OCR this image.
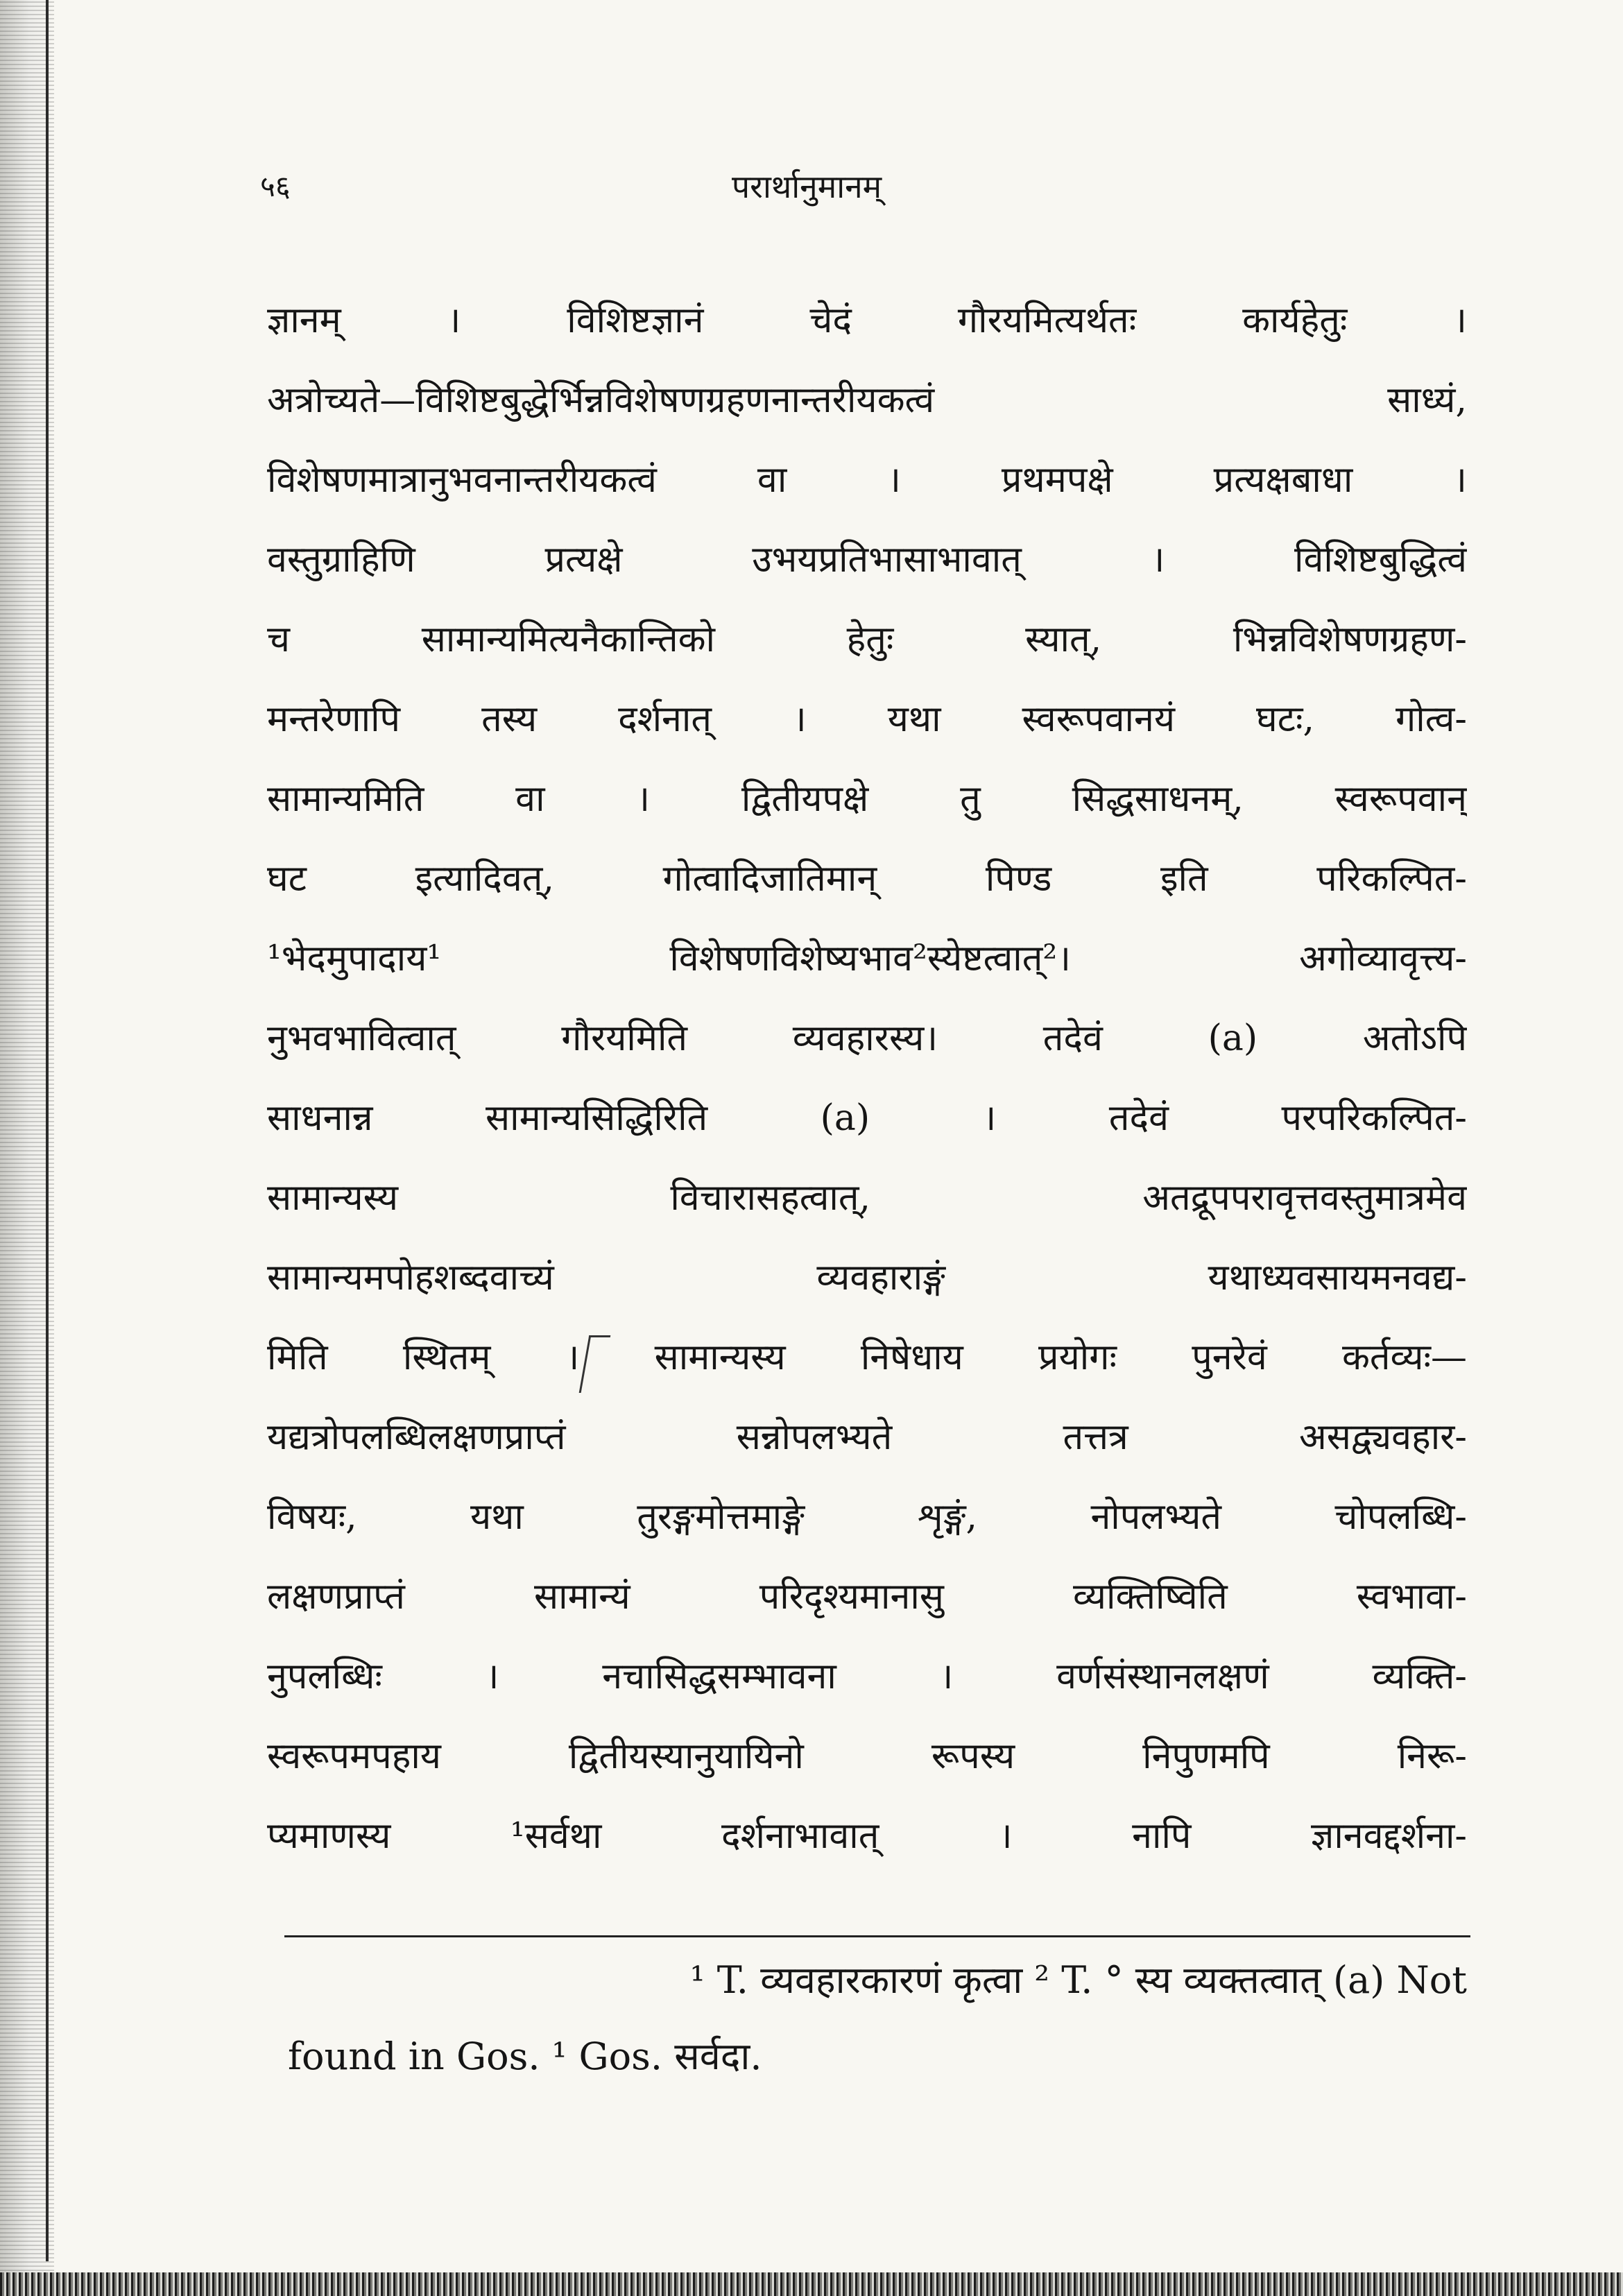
५६	परार्थानुमानम्
ज्ञानम् । विशिष्टज्ञानं चेदं गौरयमित्यर्थतः कार्यहेतुः ।
अत्रोच्यते—विशिष्टबुद्धेर्भिन्नविशेषणग्रहणनान्तरीयकत्वं साध्यं,
विशेषणमात्रानुभवनान्तरीयकत्वं वा । प्रथमपक्षे प्रत्यक्षबाधा ।
वस्तुग्राहिणि प्रत्यक्षे उभयप्रतिभासाभावात् । विशिष्टबुद्धित्वं
च सामान्यमित्यनैकान्तिको हेतुः स्यात्, भिन्नविशेषणग्रहण-
मन्तरेणापि तस्य दर्शनात् । यथा स्वरूपवानयं घटः, गोत्व-
सामान्यमिति वा । द्वितीयपक्षे तु सिद्धसाधनम्, स्वरूपवान्
घट इत्यादिवत्, गोत्वादिजातिमान् पिण्ड इति परिकल्पित-
¹भेदमुपादाय¹ विशेषणविशेष्यभाव²स्येष्टत्वात्²। अगोव्यावृत्त्य-
नुभवभावित्वात् गौरयमिति व्यवहारस्य। तदेवं (a) अतोऽपि
साधनान्न सामान्यसिद्धिरिति (a) । तदेवं परपरिकल्पित-
सामान्यस्य विचारासहत्वात्, अतद्रूपपरावृत्तवस्तुमात्रमेव
सामान्यमपोहशब्दवाच्यं व्यवहाराङ्गं यथाध्यवसायमनवद्य-
मिति स्थितम् । सामान्यस्य निषेधाय प्रयोगः पुनरेवं कर्तव्यः—
यद्यत्रोपलब्धिलक्षणप्राप्तं सन्नोपलभ्यते तत्तत्र असद्व्यवहार-
विषयः, यथा तुरङ्गमोत्तमाङ्गे शृङ्गं, नोपलभ्यते चोपलब्धि-
लक्षणप्राप्तं सामान्यं परिदृश्यमानासु व्यक्तिष्विति स्वभावा-
नुपलब्धिः । नचासिद्धसम्भावना । वर्णसंस्थानलक्षणं व्यक्ति-
स्वरूपमपहाय द्वितीयस्यानुयायिनो रूपस्य निपुणमपि निरू-
प्यमाणस्य ¹सर्वथा दर्शनाभावात् । नापि ज्ञानवद्दर्शना-
¹ T. व्यवहारकारणं कृत्वा ² T. ° स्य व्यक्तत्वात् (a) Not
found in Gos. ¹ Gos. सर्वदा.
